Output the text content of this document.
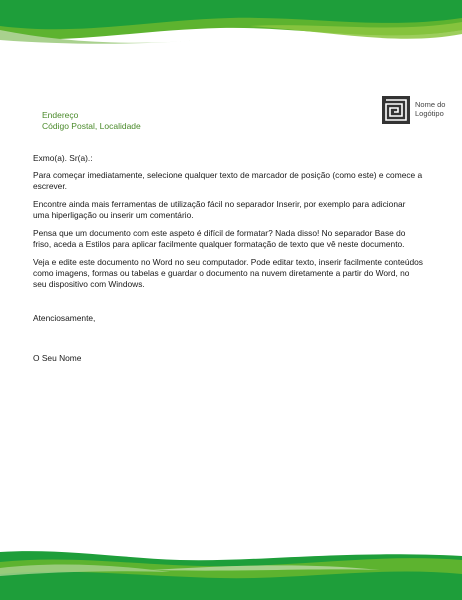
Nome do Logótipo
Endereço
Código Postal, Localidade

Exmo(a). Sr(a).:

Para começar imediatamente, selecione qualquer texto de marcador de posição (como este) e comece a escrever.

Encontre ainda mais ferramentas de utilização fácil no separador Inserir, por exemplo para adicionar uma hiperligação ou inserir um comentário.

Pensa que um documento com este aspeto é difícil de formatar? Nada disso! No separador Base do friso, aceda a Estilos para aplicar facilmente qualquer formatação de texto que vê neste documento.

Veja e edite este documento no Word no seu computador. Pode editar texto, inserir facilmente conteúdos como imagens, formas ou tabelas e guardar o documento na nuvem diretamente a partir do Word, no seu dispositivo com Windows.

Atenciosamente,

O Seu Nome
